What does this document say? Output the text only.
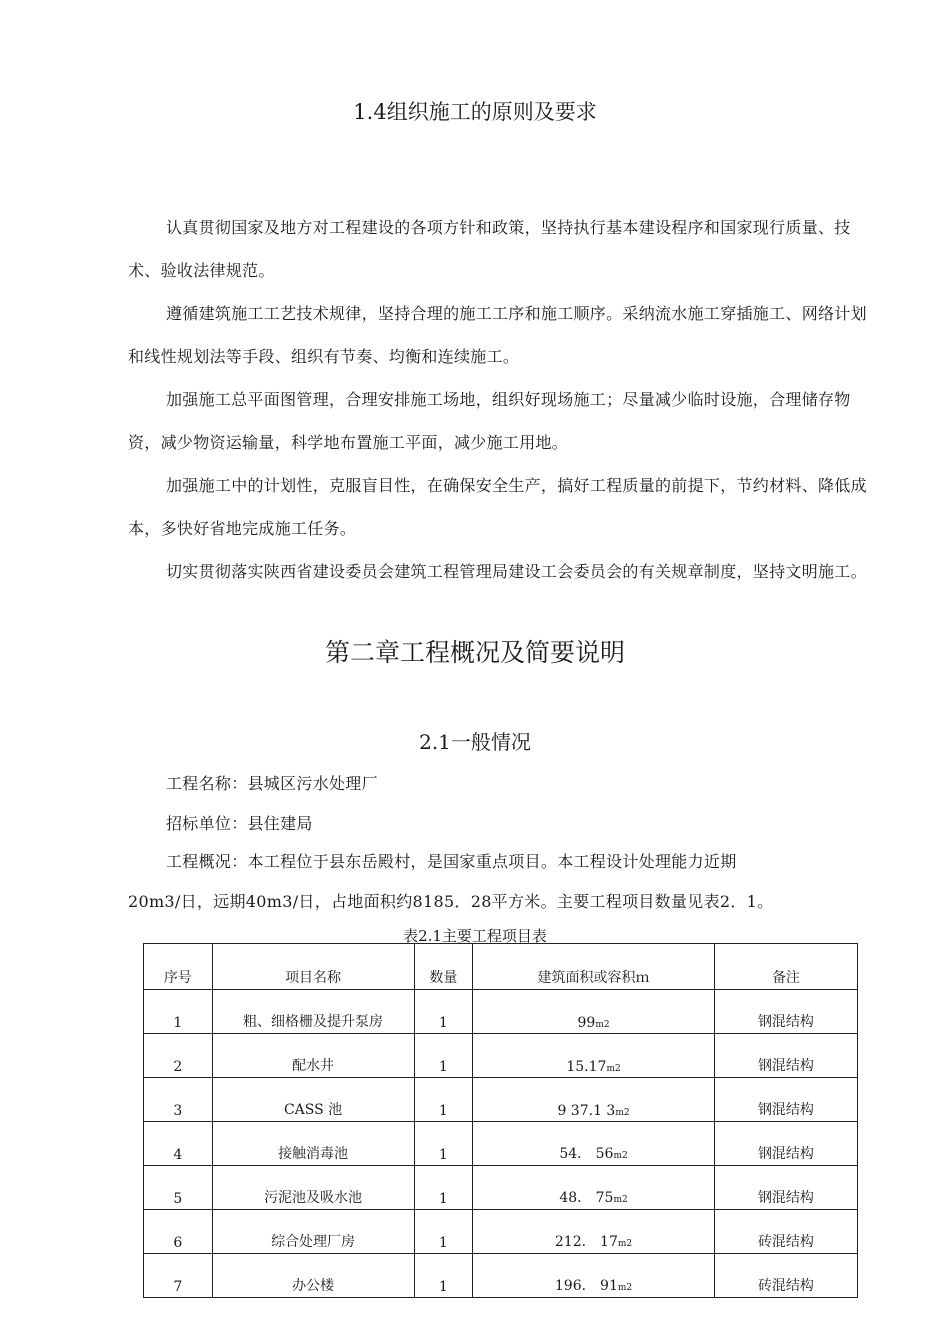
1.4组织施工的原则及要求

认真贯彻国家及地方对工程建设的各项方针和政策，坚持执行基本建设程序和国家现行质量、技术、验收法律规范。

遵循建筑施工工艺技术规律，坚持合理的施工工序和施工顺序。采纳流水施工穿插施工、网络计划和线性规划法等手段、组织有节奏、均衡和连续施工。

加强施工总平面图管理，合理安排施工场地，组织好现场施工；尽量减少临时设施，合理储存物资，减少物资运输量，科学地布置施工平面，减少施工用地。

加强施工中的计划性，克服盲目性，在确保安全生产，搞好工程质量的前提下，节约材料、降低成本，多快好省地完成施工任务。

切实贯彻落实陕西省建设委员会建筑工程管理局建设工会委员会的有关规章制度，坚持文明施工。

第二章工程概况及简要说明
2.1一般情况
工程名称：县城区污水处理厂
招标单位：县住建局
工程概况：本工程位于县东岳殿村，是国家重点项目。本工程设计处理能力近期
20m3/日，远期40m3/日，占地面积约8185．28平方米。主要工程项目数量见表2．1。
表2.1主要工程项目表
序号	项目名称	数量	建筑面积或容积ｍ	备注
1	粗、细格栅及提升泵房	1	99m2	钢混结构
2	配水井	1	15.17m2	钢混结构
3	CASS 池	1	9 37.1 3m2	钢混结构
4	接触消毒池	1	54． 56m2	钢混结构
5	污泥池及吸水池	1	48． 75m2	钢混结构
6	综合处理厂房	1	212． 17m2	砖混结构
7	办公楼	1	196． 91m2	砖混结构
